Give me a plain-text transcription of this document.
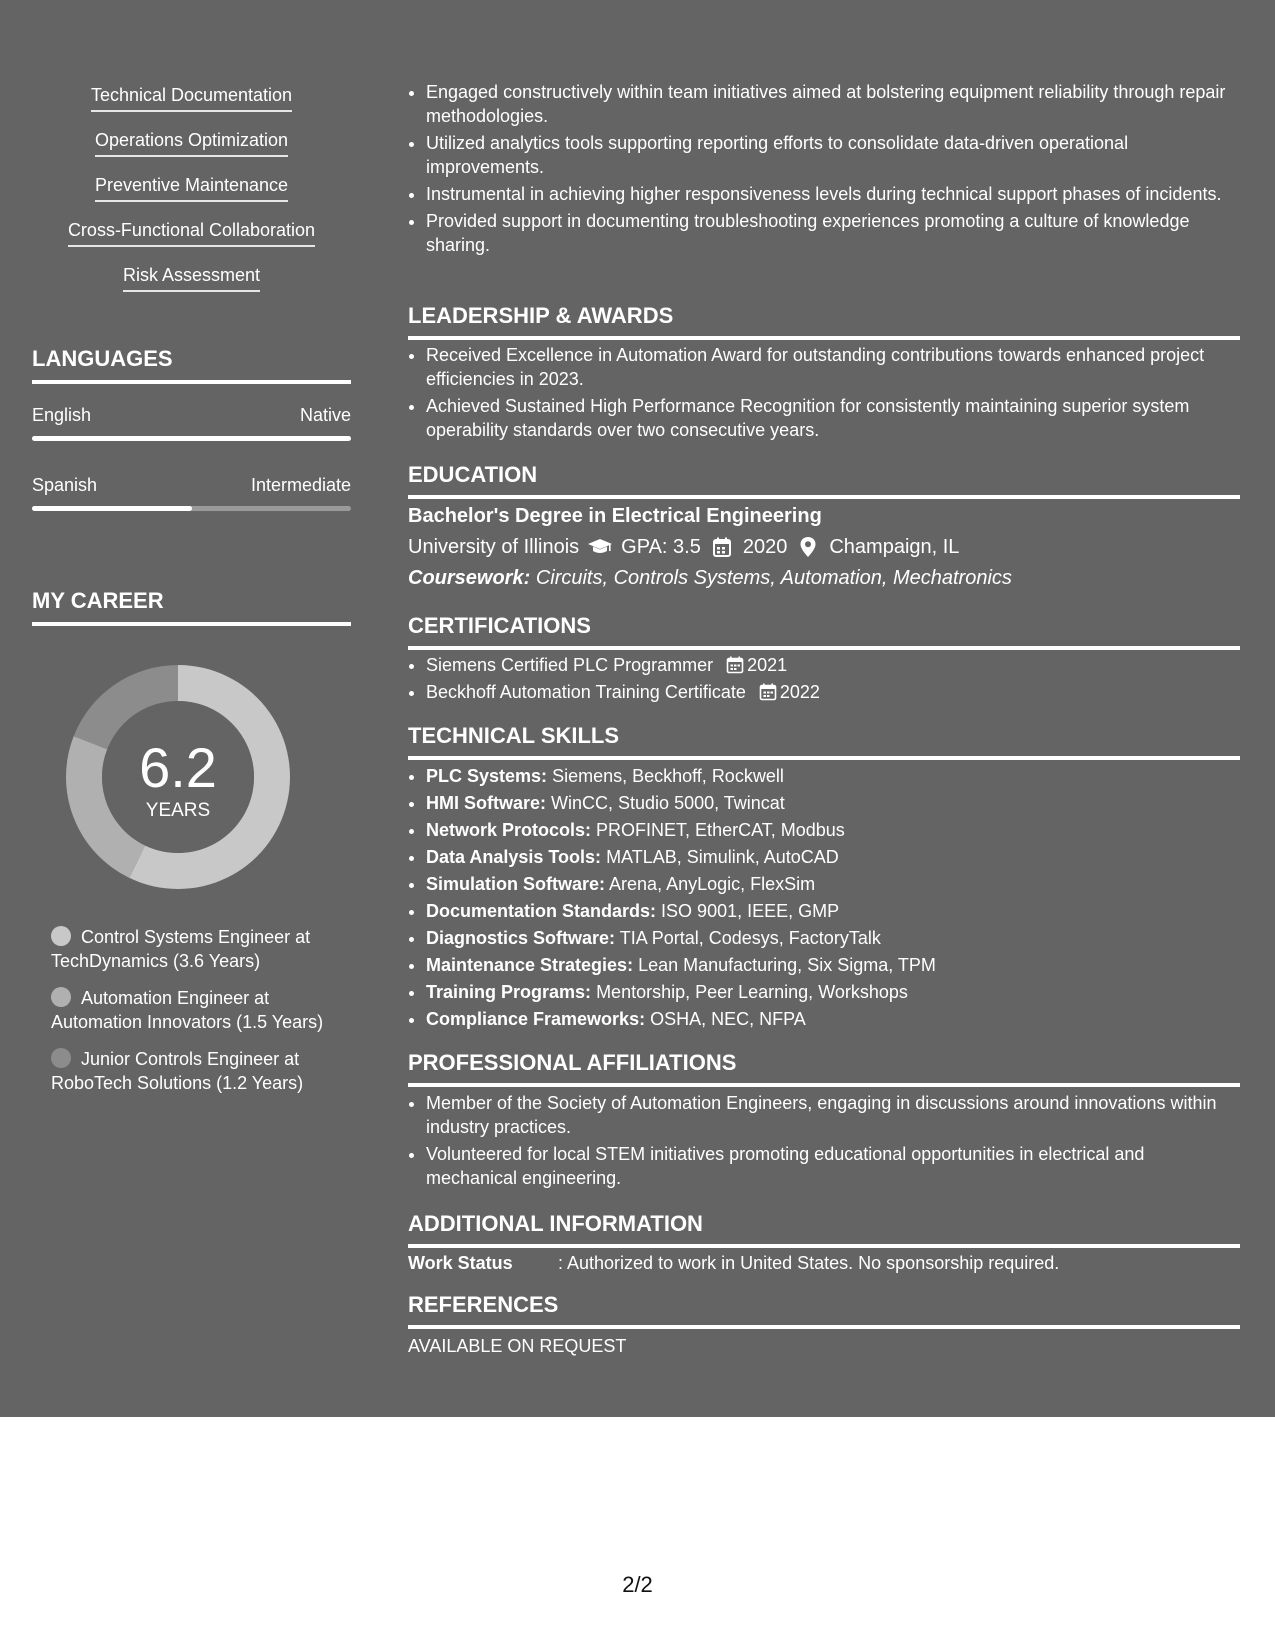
Technical Documentation
Operations Optimization
Preventive Maintenance
Cross-Functional Collaboration
Risk Assessment
LANGUAGES
English	Native
Spanish	Intermediate
MY CAREER
6.2
YEARS
Control Systems Engineer at TechDynamics (3.6 Years)
Automation Engineer at Automation Innovators (1.5 Years)
Junior Controls Engineer at RoboTech Solutions (1.2 Years)
• Engaged constructively within team initiatives aimed at bolstering equipment reliability through repair methodologies.
• Utilized analytics tools supporting reporting efforts to consolidate data-driven operational improvements.
• Instrumental in achieving higher responsiveness levels during technical support phases of incidents.
• Provided support in documenting troubleshooting experiences promoting a culture of knowledge sharing.
LEADERSHIP & AWARDS
• Received Excellence in Automation Award for outstanding contributions towards enhanced project efficiencies in 2023.
• Achieved Sustained High Performance Recognition for consistently maintaining superior system operability standards over two consecutive years.
EDUCATION
Bachelor's Degree in Electrical Engineering
University of Illinois GPA: 3.5 2020 Champaign, IL
Coursework: Circuits, Controls Systems, Automation, Mechatronics
CERTIFICATIONS
• Siemens Certified PLC Programmer 2021
• Beckhoff Automation Training Certificate 2022
TECHNICAL SKILLS
• PLC Systems: Siemens, Beckhoff, Rockwell
• HMI Software: WinCC, Studio 5000, Twincat
• Network Protocols: PROFINET, EtherCAT, Modbus
• Data Analysis Tools: MATLAB, Simulink, AutoCAD
• Simulation Software: Arena, AnyLogic, FlexSim
• Documentation Standards: ISO 9001, IEEE, GMP
• Diagnostics Software: TIA Portal, Codesys, FactoryTalk
• Maintenance Strategies: Lean Manufacturing, Six Sigma, TPM
• Training Programs: Mentorship, Peer Learning, Workshops
• Compliance Frameworks: OSHA, NEC, NFPA
PROFESSIONAL AFFILIATIONS
• Member of the Society of Automation Engineers, engaging in discussions around innovations within industry practices.
• Volunteered for local STEM initiatives promoting educational opportunities in electrical and mechanical engineering.
ADDITIONAL INFORMATION
Work Status	: Authorized to work in United States. No sponsorship required.
REFERENCES
AVAILABLE ON REQUEST
2/2
